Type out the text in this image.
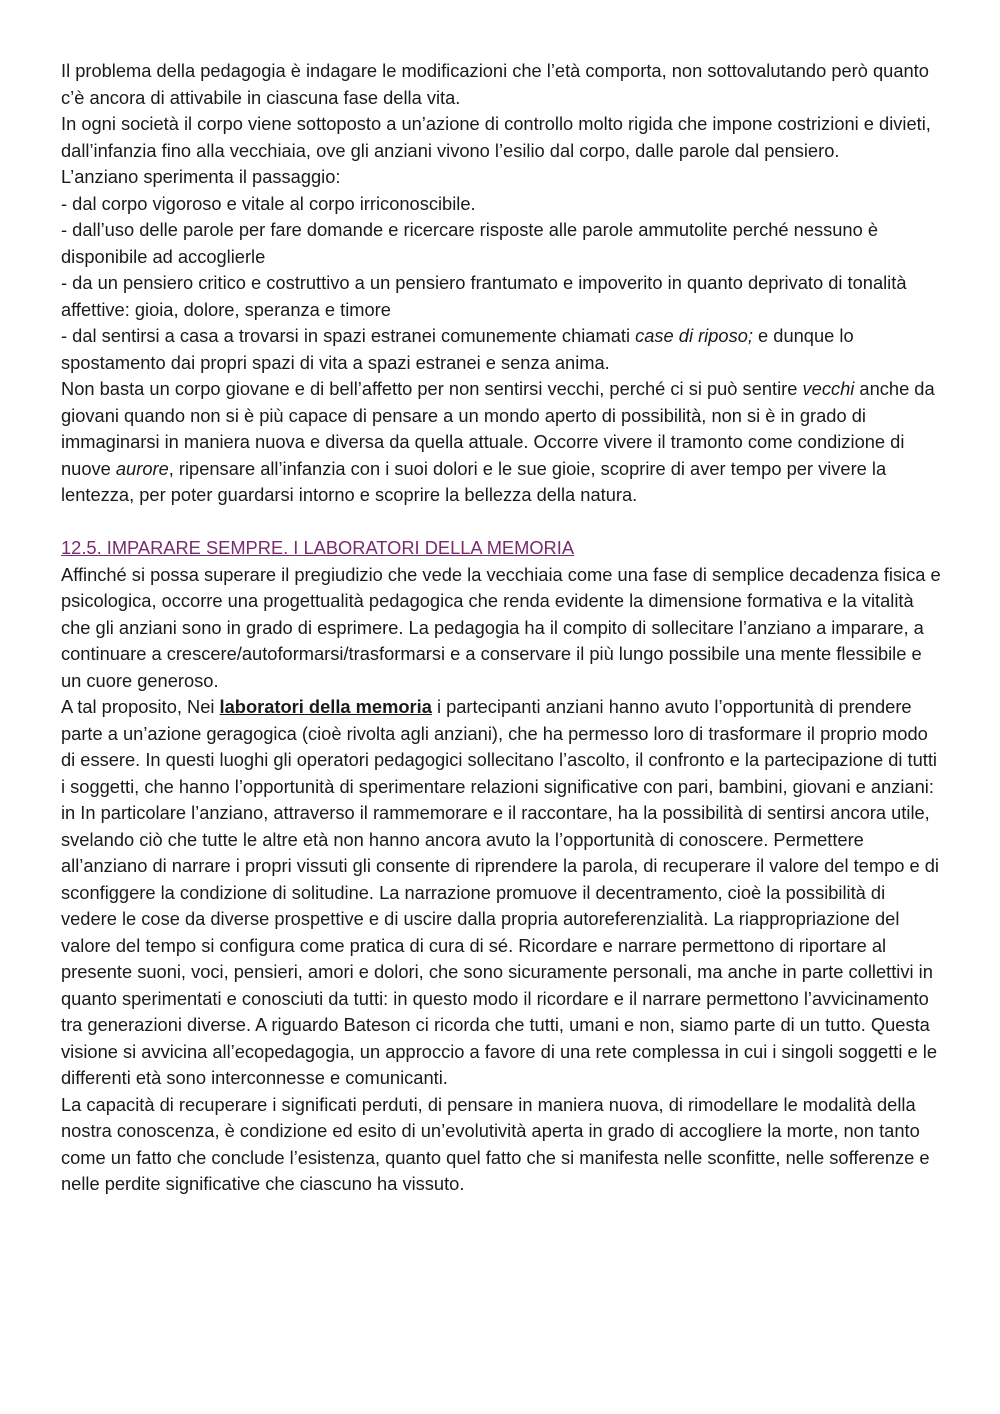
Il problema della pedagogia è indagare le modificazioni che l’età comporta, non sottovalutando però quanto c’è ancora di attivabile in ciascuna fase della vita.

In ogni società il corpo viene sottoposto a un’azione di controllo molto rigida che impone costrizioni e divieti, dall’infanzia fino alla vecchiaia, ove gli anziani vivono l’esilio dal corpo, dalle parole dal pensiero.

L’anziano sperimenta il passaggio:

- dal corpo vigoroso e vitale al corpo irriconoscibile.

- dall’uso delle parole per fare domande e ricercare risposte alle parole ammutolite perché nessuno è disponibile ad accoglierle

- da un pensiero critico e costruttivo a un pensiero frantumato e impoverito in quanto deprivato di tonalità affettive: gioia, dolore, speranza e timore

- dal sentirsi a casa a trovarsi in spazi estranei comunemente chiamati case di riposo; e dunque lo spostamento dai propri spazi di vita a spazi estranei e senza anima.

Non basta un corpo giovane e di bell’affetto per non sentirsi vecchi, perché ci si può sentire vecchi anche da giovani quando non si è più capace di pensare a un mondo aperto di possibilità, non si è in grado di immaginarsi in maniera nuova e diversa da quella attuale. Occorre vivere il tramonto come condizione di nuove aurore, ripensare all’infanzia con i suoi dolori e le sue gioie, scoprire di aver tempo per vivere la lentezza, per poter guardarsi intorno e scoprire la bellezza della natura.

12.5. IMPARARE SEMPRE. I LABORATORI DELLA MEMORIA

Affinché si possa superare il pregiudizio che vede la vecchiaia come una fase di semplice decadenza fisica e psicologica, occorre una progettualità pedagogica che renda evidente la dimensione formativa e la vitalità che gli anziani sono in grado di esprimere. La pedagogia ha il compito di sollecitare l’anziano a imparare, a continuare a crescere/autoformarsi/trasformarsi e a conservare il più lungo possibile una mente flessibile e un cuore generoso.

A tal proposito, Nei laboratori della memoria i partecipanti anziani hanno avuto l’opportunità di prendere parte a un’azione geragogica (cioè rivolta agli anziani), che ha permesso loro di trasformare il proprio modo di essere. In questi luoghi gli operatori pedagogici sollecitano l’ascolto, il confronto e la partecipazione di tutti i soggetti, che hanno l’opportunità di sperimentare relazioni significative con pari, bambini, giovani e anziani: in In particolare l’anziano, attraverso il rammemorare e il raccontare, ha la possibilità di sentirsi ancora utile, svelando ciò che tutte le altre età non hanno ancora avuto la l’opportunità di conoscere. Permettere all’anziano di narrare i propri vissuti gli consente di riprendere la parola, di recuperare il valore del tempo e di sconfiggere la condizione di solitudine. La narrazione promuove il decentramento, cioè la possibilità di vedere le cose da diverse prospettive e di uscire dalla propria autoreferenzialità. La riappropriazione del valore del tempo si configura come pratica di cura di sé. Ricordare e narrare permettono di riportare al presente suoni, voci, pensieri, amori e dolori, che sono sicuramente personali, ma anche in parte collettivi in quanto sperimentati e conosciuti da tutti: in questo modo il ricordare e il narrare permettono l’avvicinamento tra generazioni diverse. A riguardo Bateson ci ricorda che tutti, umani e non, siamo parte di un tutto. Questa visione si avvicina all’ecopedagogia, un approccio a favore di una rete complessa in cui i singoli soggetti e le differenti età sono interconnesse e comunicanti.

La capacità di recuperare i significati perduti, di pensare in maniera nuova, di rimodellare le modalità della nostra conoscenza, è condizione ed esito di un’evolutività aperta in grado di accogliere la morte, non tanto come un fatto che conclude l’esistenza, quanto quel fatto che si manifesta nelle sconfitte, nelle sofferenze e nelle perdite significative che ciascuno ha vissuto.
